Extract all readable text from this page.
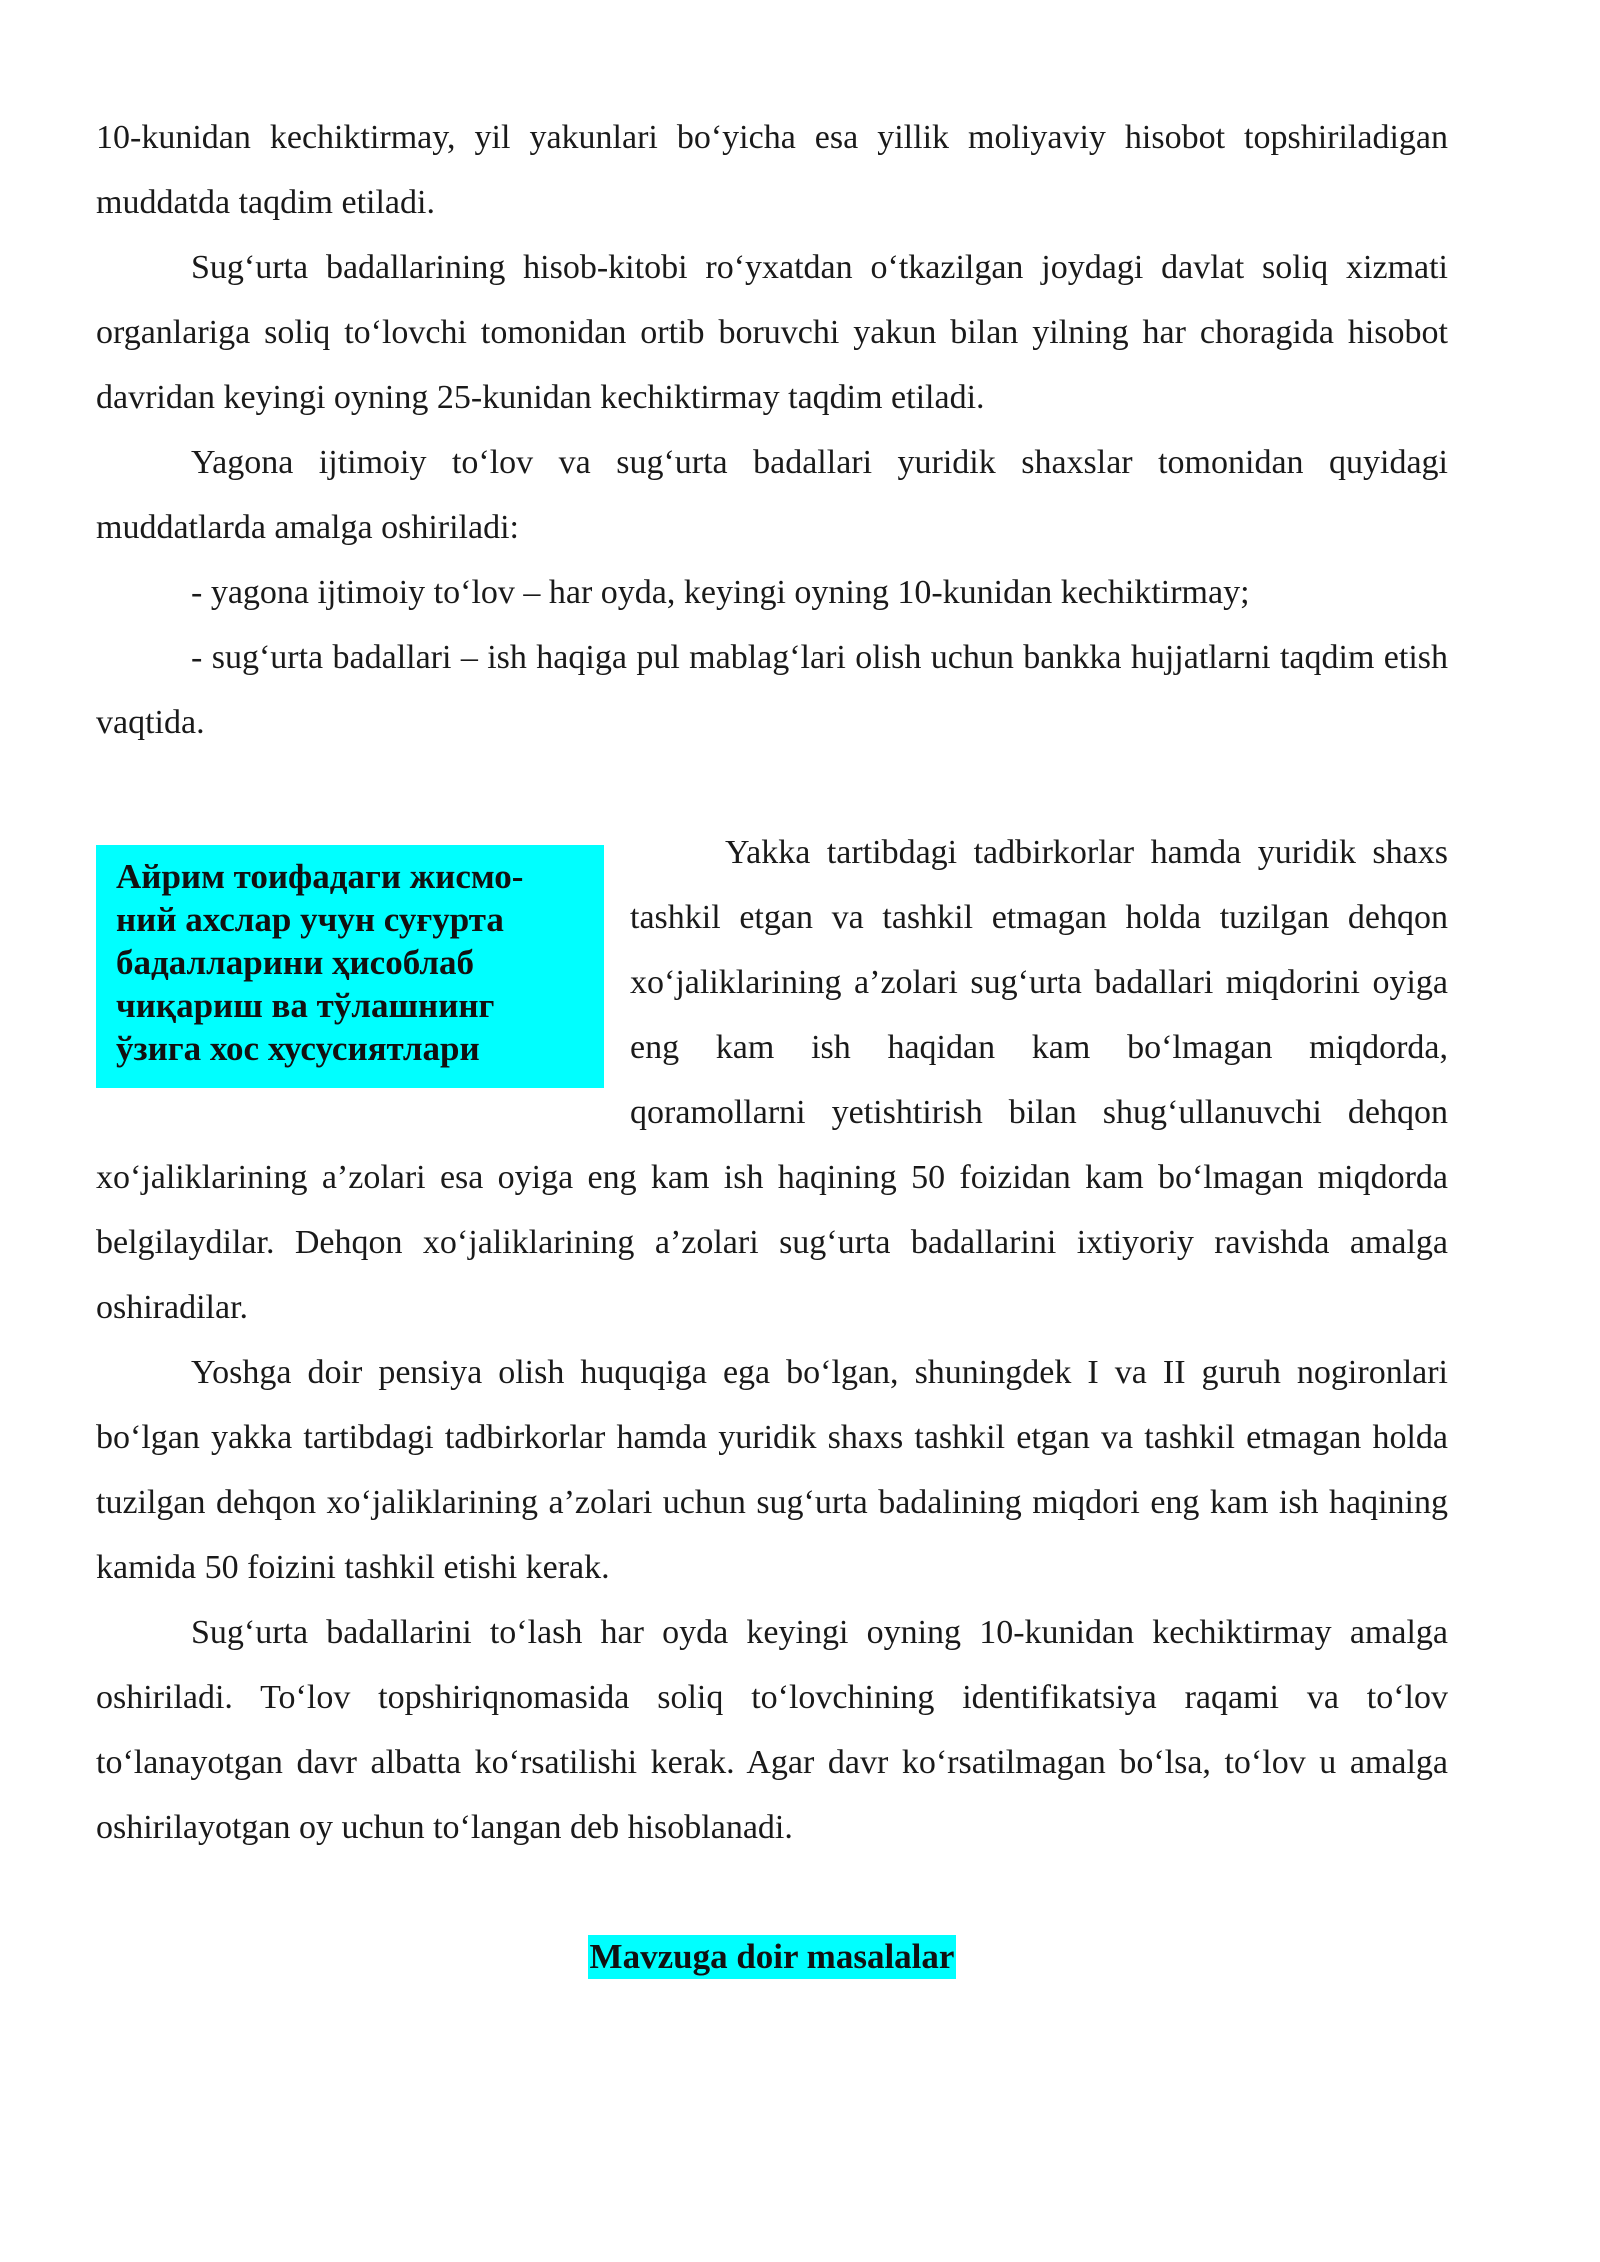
10-kunidan kechiktirmay, yil yakunlari bo‘yicha esa yillik moliyaviy hisobot topshiriladigan muddatda taqdim etiladi.

Sug‘urta badallarining hisob-kitobi ro‘yxatdan o‘tkazilgan joydagi davlat soliq xizmati organlariga soliq to‘lovchi tomonidan ortib boruvchi yakun bilan yilning har choragida hisobot davridan keyingi oyning 25-kunidan kechiktirmay taqdim etiladi.

Yagona ijtimoiy to‘lov va sug‘urta badallari yuridik shaxslar tomonidan quyidagi muddatlarda amalga oshiriladi:

- yagona ijtimoiy to‘lov – har oyda, keyingi oyning 10-kunidan kechiktirmay;

- sug‘urta badallari – ish haqiga pul mablag‘lari olish uchun bankka hujjatlarni taqdim etish vaqtida.

Айрим тоифадаги жисмо-
ний ахслар учун суғурта
бадалларини ҳисоблаб
чиқариш ва тўлашнинг
ўзига хос хусусиятлари

Yakka tartibdagi tadbirkorlar hamda yuridik shaxs tashkil etgan va tashkil etmagan holda tuzilgan dehqon xo‘jaliklarining a’zolari sug‘urta badallari miqdorini oyiga eng kam ish haqidan kam bo‘lmagan miqdorda, qoramollarni yetishtirish bilan shug‘ullanuvchi dehqon xo‘jaliklarining a’zolari esa oyiga eng kam ish haqining 50 foizidan kam bo‘lmagan miqdorda belgilaydilar. Dehqon xo‘jaliklarining a’zolari sug‘urta badallarini ixtiyoriy ravishda amalga oshiradilar.

Yoshga doir pensiya olish huquqiga ega bo‘lgan, shuningdek I va II guruh nogironlari bo‘lgan yakka tartibdagi tadbirkorlar hamda yuridik shaxs tashkil etgan va tashkil etmagan holda tuzilgan dehqon xo‘jaliklarining a’zolari uchun sug‘urta badalining miqdori eng kam ish haqining kamida 50 foizini tashkil etishi kerak.

Sug‘urta badallarini to‘lash har oyda keyingi oyning 10-kunidan kechiktirmay amalga oshiriladi. To‘lov topshiriqnomasida soliq to‘lovchining identifikatsiya raqami va to‘lov to‘lanayotgan davr albatta ko‘rsatilishi kerak. Agar davr ko‘rsatilmagan bo‘lsa, to‘lov u amalga oshirilayotgan oy uchun to‘langan deb hisoblanadi.

Mavzuga doir masalalar
